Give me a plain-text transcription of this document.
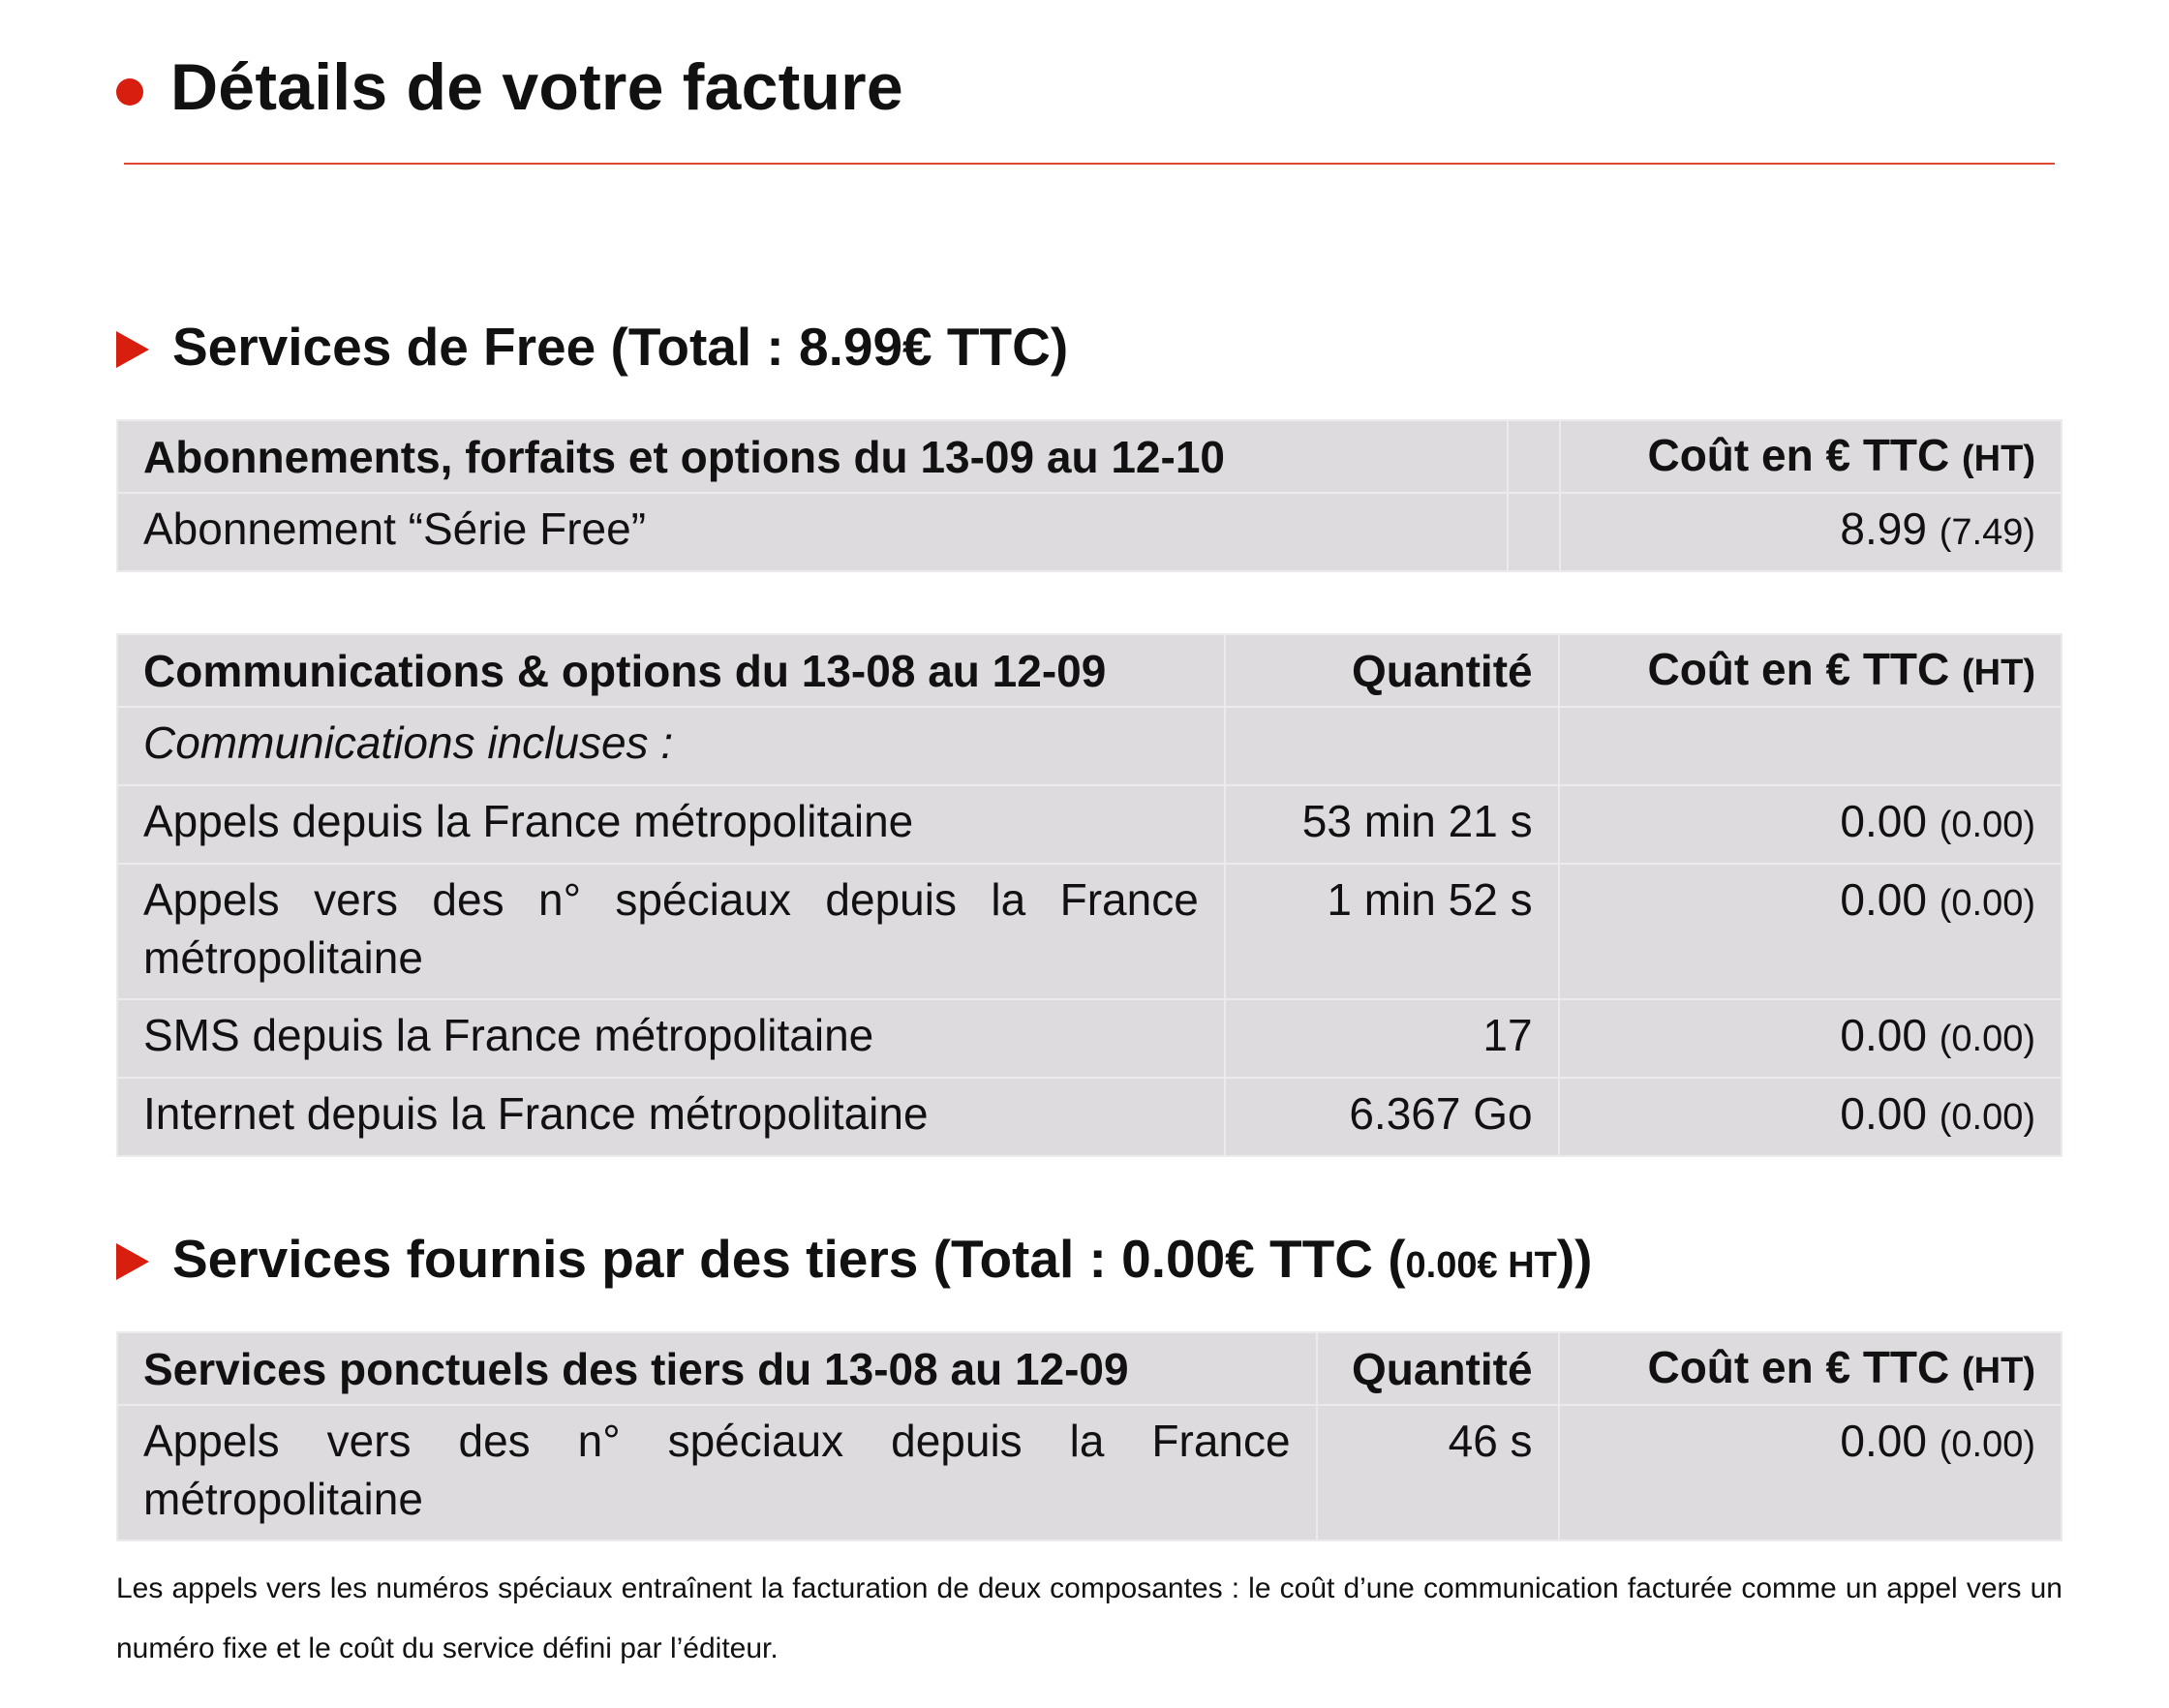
Détails de votre facture
Services de Free (Total : 8.99€ TTC)
Abonnements, forfaits et options du 13-09 au 12-10		Coût en € TTC (HT)
Abonnement “Série Free”		8.99 (7.49)
Communications & options du 13-08 au 12-09	Quantité	Coût en € TTC (HT)
Communications incluses :		
Appels depuis la France métropolitaine	53 min 21 s	0.00 (0.00)
Appels vers des n° spéciaux depuis la France métropolitaine	1 min 52 s	0.00 (0.00)
SMS depuis la France métropolitaine	17	0.00 (0.00)
Internet depuis la France métropolitaine	6.367 Go	0.00 (0.00)
Services fournis par des tiers (Total : 0.00€ TTC (0.00€ HT))
Services ponctuels des tiers du 13-08 au 12-09	Quantité	Coût en € TTC (HT)
Appels vers des n° spéciaux depuis la France métropolitaine	46 s	0.00 (0.00)
Les appels vers les numéros spéciaux entraînent la facturation de deux composantes : le coût d’une communication facturée comme un appel vers un numéro fixe et le coût du service défini par l’éditeur.
